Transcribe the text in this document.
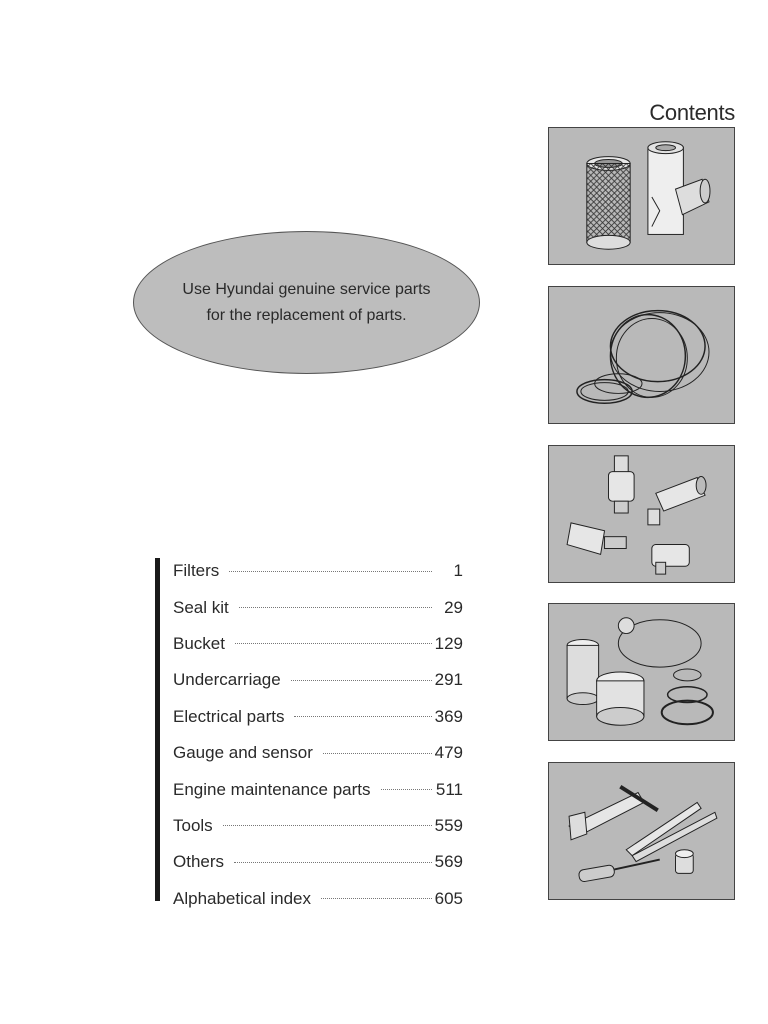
Contents
Use Hyundai genuine service parts
for the replacement of parts.
Filters	1
Seal kit	29
Bucket	129
Undercarriage	291
Electrical parts	369
Gauge and sensor	479
Engine maintenance parts	511
Tools	559
Others	569
Alphabetical index	605
